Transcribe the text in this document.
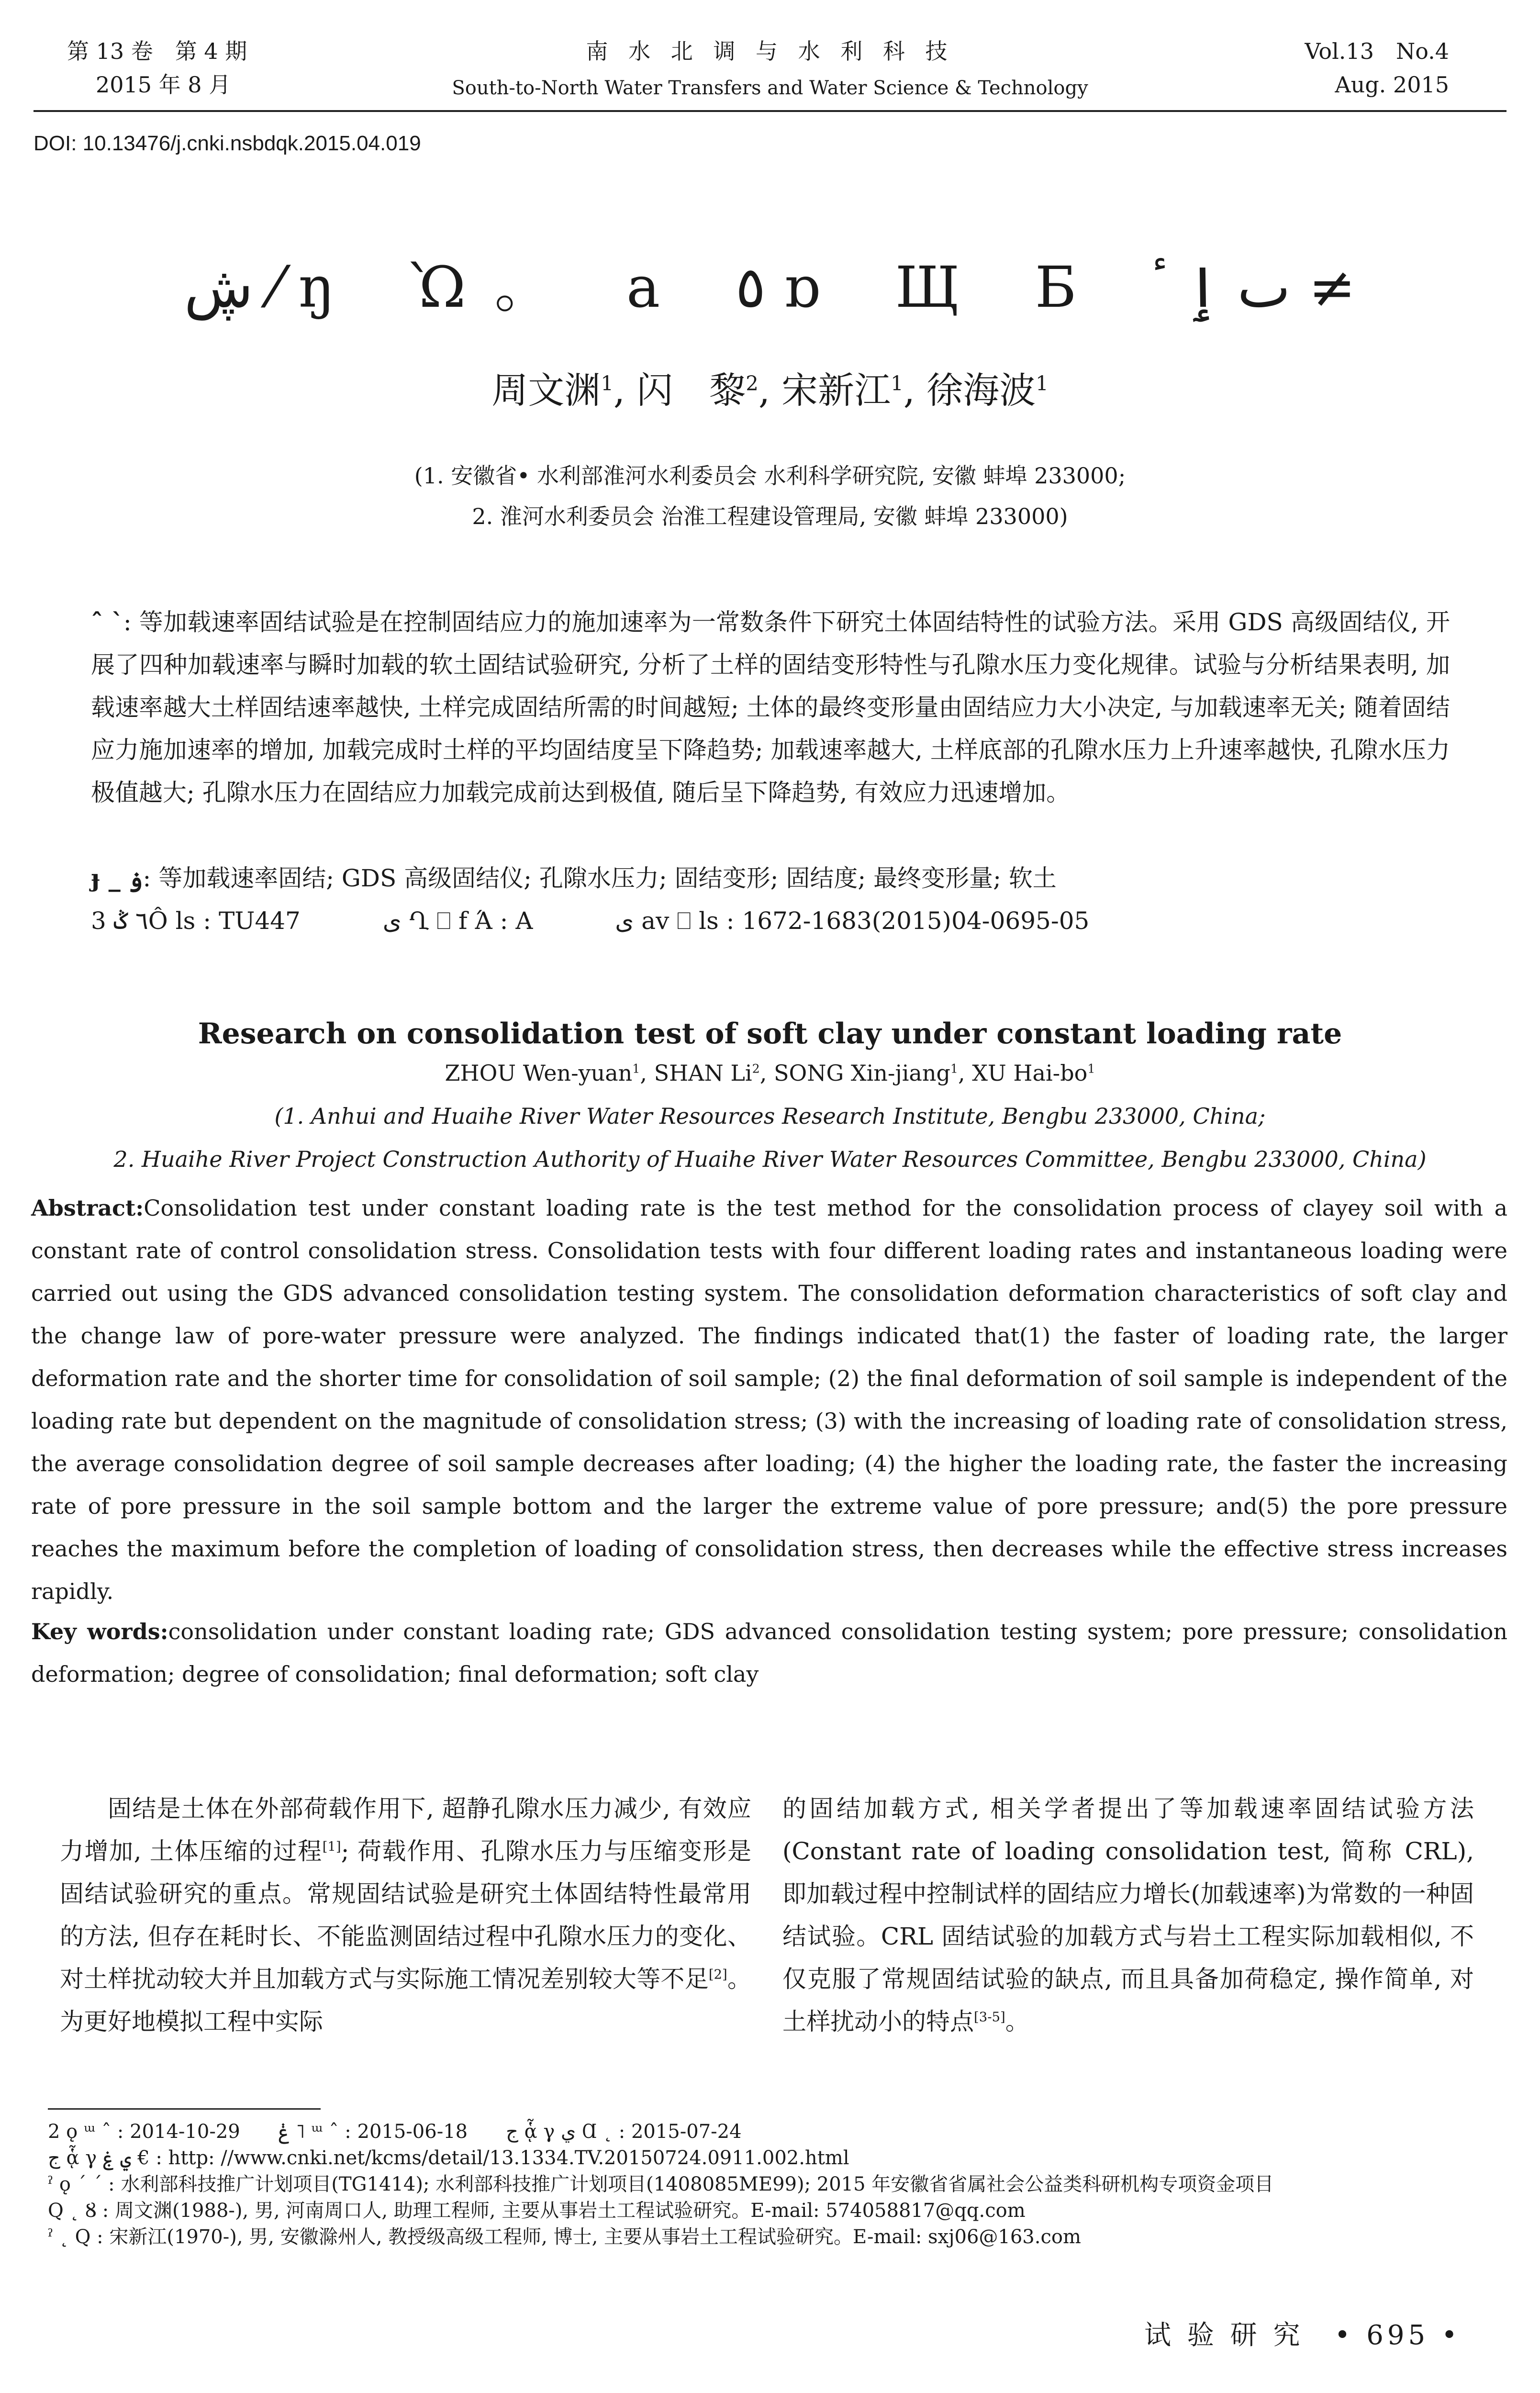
第 13 卷　第 4 期
2015 年 8 月
南 水 北 调 与 水 利 科 技
South-to-North Water Transfers and Water Science & Technology
Vol.13　No.4
Aug. 2015
DOI: 10.13476/j.cnki.nsbdqk.2015.04.019
ڜ ⁄ ŋ Ὼ。 a ٥ ɒ Щ Б ٮ ٳ ٴ ≠
周文渊$^1$, 闪　黎$^2$, 宋新江$^1$, 徐海波$^1$
(1. 安徽省• 水利部淮河水利委员会 水利科学研究院, 安徽 蚌埠 233000;
2. 淮河水利委员会 治淮工程建设管理局, 安徽 蚌埠 233000)
ˆ ˋ: 等加载速率固结试验是在控制固结应力的施加速率为一常数条件下研究土体固结特性的试验方法。采用 GDS 高级固结仪, 开展了四种加载速率与瞬时加载的软土固结试验研究, 分析了土样的固结变形特性与孔隙水压力变化规律。试验与分析结果表明, 加载速率越大土样固结速率越快, 土样完成固结所需的时间越短; 土体的最终变形量由固结应力大小决定, 与加载速率无关; 随着固结应力施加速率的增加, 加载完成时土样的平均固结度呈下降趋势; 加载速率越大, 土样底部的孔隙水压力上升速率越快, 孔隙水压力极值越大; 孔隙水压力在固结应力加载完成前达到极值, 随后呈下降趋势, 有效应力迅速增加。
ɟ _ ۏ: 等加载速率固结; GDS 高级固结仪; 孔隙水压力; 固结变形; 固结度; 最终变形量; 软土
3 ٦ ݣÔ ls : TU447	ی Ղ ⎕ f Ά : A	ی av ⎕ ls : 1672-1683(2015)04-0695-05
Research on consolidation test of soft clay under constant loading rate
ZHOU Wen-yuan$^1$, SHAN Li$^2$, SONG Xin-jiang$^1$, XU Hai-$bo^1$
(1. Anhui and Huaihe River Water Resources Research Institute, Bengbu 233000, China;
2. Huaihe River Project Construction Authority of Huaihe River Water Resources Committee, Bengbu 233000, China)
Abstract:Consolidation test under constant loading rate is the test method for the consolidation process of clayey soil with a constant rate of control consolidation stress. Consolidation tests with four different loading rates and instantaneous loading were carried out using the GDS advanced consolidation testing system. The consolidation deformation characteristics of soft clay and the change law of pore-water pressure were analyzed. The findings indicated that(1) the faster of loading rate, the larger deformation rate and the shorter time for consolidation of soil sample; (2) the final deformation of soil sample is independent of the loading rate but dependent on the magnitude of consolidation stress; (3) with the increasing of loading rate of consolidation stress, the average consolidation degree of soil sample decreases after loading; (4) the higher the loading rate, the faster the increasing rate of pore pressure in the soil sample bottom and the larger the extreme value of pore pressure; and(5) the pore pressure reaches the maximum before the completion of loading of consolidation stress, then decreases while the effective stress increases rapidly.
Key words:consolidation under constant loading rate; GDS advanced consolidation testing system; pore pressure; consolidation deformation; degree of consolidation; final deformation; soft clay
固结是土体在外部荷载作用下, 超静孔隙水压力减少, 有效应力增加, 土体压缩的过程[1]; 荷载作用、孔隙水压力与压缩变形是固结试验研究的重点。常规固结试验是研究土体固结特性最常用的方法, 但存在耗时长、不能监测固结过程中孔隙水压力的变化、对土样扰动较大并且加载方式与实际施工情况差别较大等不足[2]。为更好地模拟工程中实际
的固结加载方式, 相关学者提出了等加载速率固结试验方法(Constant rate of loading consolidation test, 简称 CRL), 即加载过程中控制试样的固结应力增长(加载速率)为常数的一种固结试验。CRL 固结试验的加载方式与岩土工程实际加载相似, 不仅克服了常规固结试验的缺点, 而且具备加荷稳定, 操作简单, 对土样扰动小的特点[3-5]。
2 ǫ ᵚ ˆ : 2014-10-29　　ݟ ˥ ᵚ ˆ : 2015-06-18　　ج ᾇ γ ي Ɑ ˛ : 2015-07-24
ج ᾇ γ ي ۼ € : http: //www.cnki.net/kcms/detail/13.1334.TV.20150724.0911.002.html
ˀ ǫ ˊ ˊ : 水利部科技推广计划项目(TG1414); 水利部科技推广计划项目(1408085ME99); 2015 年安徽省省属社会公益类科研机构专项资金项目
Q ˛ Ȣ : 周文渊(1988-), 男, 河南周口人, 助理工程师, 主要从事岩土工程试验研究。E-mail: 574058817@qq.com
ˀ ˛ Q : 宋新江(1970-), 男, 安徽滁州人, 教授级高级工程师, 博士, 主要从事岩土工程试验研究。E-mail: sxj06@163.com
试 验 研 究　• 695 •
